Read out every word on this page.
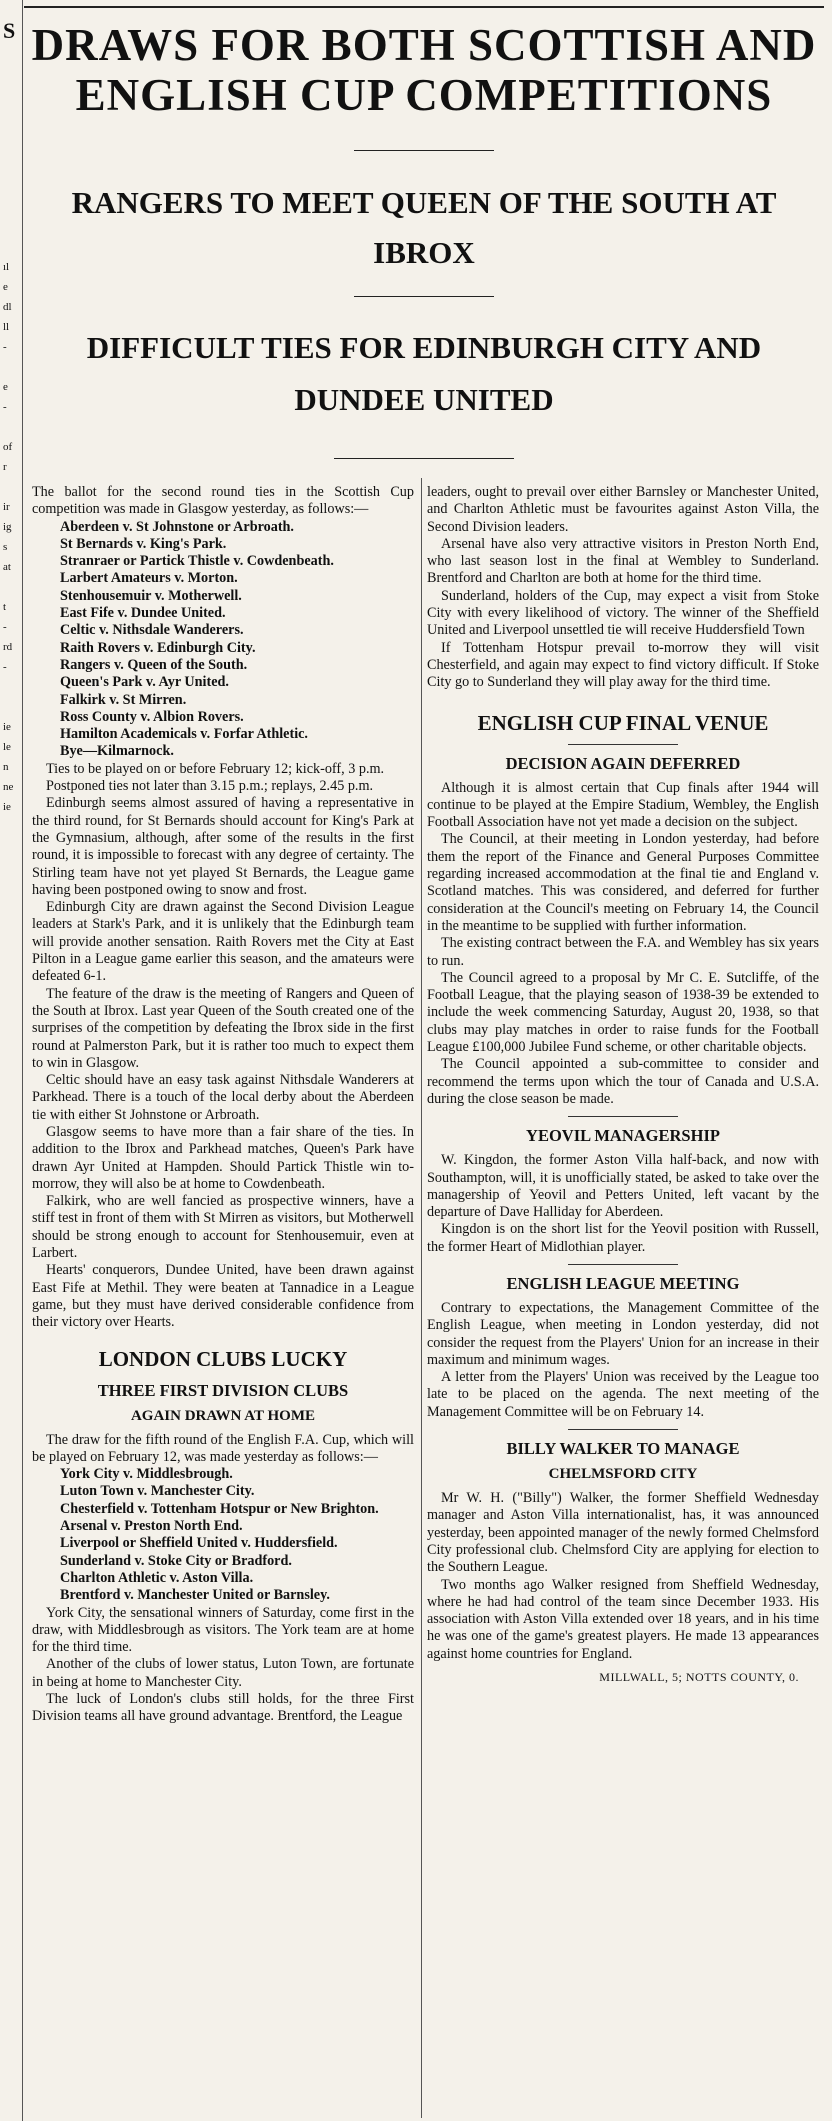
S
ıl
e
dl
ll
-
e
-
of
r
ir
ig
s
at
t
-
rd
-
ie
le
n
ne
ie
DRAWS FOR BOTH SCOTTISH AND ENGLISH CUP COMPETITIONS
RANGERS TO MEET QUEEN OF THE SOUTH AT IBROX
DIFFICULT TIES FOR EDINBURGH CITY AND DUNDEE UNITED

The ballot for the second round ties in the Scottish Cup competition was made in Glasgow yesterday, as follows:—

Aberdeen v. St Johnstone or Arbroath.
St Bernards v. King's Park.
Stranraer or Partick Thistle v. Cowdenbeath.
Larbert Amateurs v. Morton.
Stenhousemuir v. Motherwell.
East Fife v. Dundee United.
Celtic v. Nithsdale Wanderers.
Raith Rovers v. Edinburgh City.
Rangers v. Queen of the South.
Queen's Park v. Ayr United.
Falkirk v. St Mirren.
Ross County v. Albion Rovers.
Hamilton Academicals v. Forfar Athletic.
Bye—Kilmarnock.

Ties to be played on or before February 12; kick-off, 3 p.m.

Postponed ties not later than 3.15 p.m.; replays, 2.45 p.m.

Edinburgh seems almost assured of having a representative in the third round, for St Bernards should account for King's Park at the Gymnasium, although, after some of the results in the first round, it is impossible to forecast with any degree of certainty. The Stirling team have not yet played St Bernards, the League game having been postponed owing to snow and frost.

Edinburgh City are drawn against the Second Division League leaders at Stark's Park, and it is unlikely that the Edinburgh team will provide another sensation. Raith Rovers met the City at East Pilton in a League game earlier this season, and the amateurs were defeated 6-1.

The feature of the draw is the meeting of Rangers and Queen of the South at Ibrox. Last year Queen of the South created one of the surprises of the competition by defeating the Ibrox side in the first round at Palmerston Park, but it is rather too much to expect them to win in Glasgow.

Celtic should have an easy task against Nithsdale Wanderers at Parkhead. There is a touch of the local derby about the Aberdeen tie with either St Johnstone or Arbroath.

Glasgow seems to have more than a fair share of the ties. In addition to the Ibrox and Parkhead matches, Queen's Park have drawn Ayr United at Hampden. Should Partick Thistle win to-morrow, they will also be at home to Cowdenbeath.

Falkirk, who are well fancied as prospective winners, have a stiff test in front of them with St Mirren as visitors, but Motherwell should be strong enough to account for Stenhousemuir, even at Larbert.

Hearts' conquerors, Dundee United, have been drawn against East Fife at Methil. They were beaten at Tannadice in a League game, but they must have derived considerable confidence from their victory over Hearts.

LONDON CLUBS LUCKY
THREE FIRST DIVISION CLUBS
AGAIN DRAWN AT HOME

The draw for the fifth round of the English F.A. Cup, which will be played on February 12, was made yesterday as follows:—

York City v. Middlesbrough.
Luton Town v. Manchester City.
Chesterfield v. Tottenham Hotspur or New Brighton.
Arsenal v. Preston North End.
Liverpool or Sheffield United v. Huddersfield.
Sunderland v. Stoke City or Bradford.
Charlton Athletic v. Aston Villa.
Brentford v. Manchester United or Barnsley.

York City, the sensational winners of Saturday, come first in the draw, with Middlesbrough as visitors. The York team are at home for the third time.

Another of the clubs of lower status, Luton Town, are fortunate in being at home to Manchester City.

The luck of London's clubs still holds, for the three First Division teams all have ground advantage. Brentford, the League

leaders, ought to prevail over either Barnsley or Manchester United, and Charlton Athletic must be favourites against Aston Villa, the Second Division leaders.

Arsenal have also very attractive visitors in Preston North End, who last season lost in the final at Wembley to Sunderland. Brentford and Charlton are both at home for the third time.

Sunderland, holders of the Cup, may expect a visit from Stoke City with every likelihood of victory. The winner of the Sheffield United and Liverpool unsettled tie will receive Huddersfield Town

If Tottenham Hotspur prevail to-morrow they will visit Chesterfield, and again may expect to find victory difficult. If Stoke City go to Sunderland they will play away for the third time.

ENGLISH CUP FINAL VENUE
DECISION AGAIN DEFERRED

Although it is almost certain that Cup finals after 1944 will continue to be played at the Empire Stadium, Wembley, the English Football Association have not yet made a decision on the subject.

The Council, at their meeting in London yesterday, had before them the report of the Finance and General Purposes Committee regarding increased accommodation at the final tie and England v. Scotland matches. This was considered, and deferred for further consideration at the Council's meeting on February 14, the Council in the meantime to be supplied with further information.

The existing contract between the F.A. and Wembley has six years to run.

The Council agreed to a proposal by Mr C. E. Sutcliffe, of the Football League, that the playing season of 1938-39 be extended to include the week commencing Saturday, August 20, 1938, so that clubs may play matches in order to raise funds for the Football League £100,000 Jubilee Fund scheme, or other charitable objects.

The Council appointed a sub-committee to consider and recommend the terms upon which the tour of Canada and U.S.A. during the close season be made.

YEOVIL MANAGERSHIP

W. Kingdon, the former Aston Villa half-back, and now with Southampton, will, it is unofficially stated, be asked to take over the managership of Yeovil and Petters United, left vacant by the departure of Dave Halliday for Aberdeen.

Kingdon is on the short list for the Yeovil position with Russell, the former Heart of Midlothian player.

ENGLISH LEAGUE MEETING

Contrary to expectations, the Management Committee of the English League, when meeting in London yesterday, did not consider the request from the Players' Union for an increase in their maximum and minimum wages.

A letter from the Players' Union was received by the League too late to be placed on the agenda. The next meeting of the Management Committee will be on February 14.

BILLY WALKER TO MANAGE
CHELMSFORD CITY

Mr W. H. ("Billy") Walker, the former Sheffield Wednesday manager and Aston Villa internationalist, has, it was announced yesterday, been appointed manager of the newly formed Chelmsford City professional club. Chelmsford City are applying for election to the Southern League.

Two months ago Walker resigned from Sheffield Wednesday, where he had had control of the team since December 1933. His association with Aston Villa extended over 18 years, and in his time he was one of the game's greatest players. He made 13 appearances against home countries for England.

MILLWALL, 5; NOTTS COUNTY, 0.
